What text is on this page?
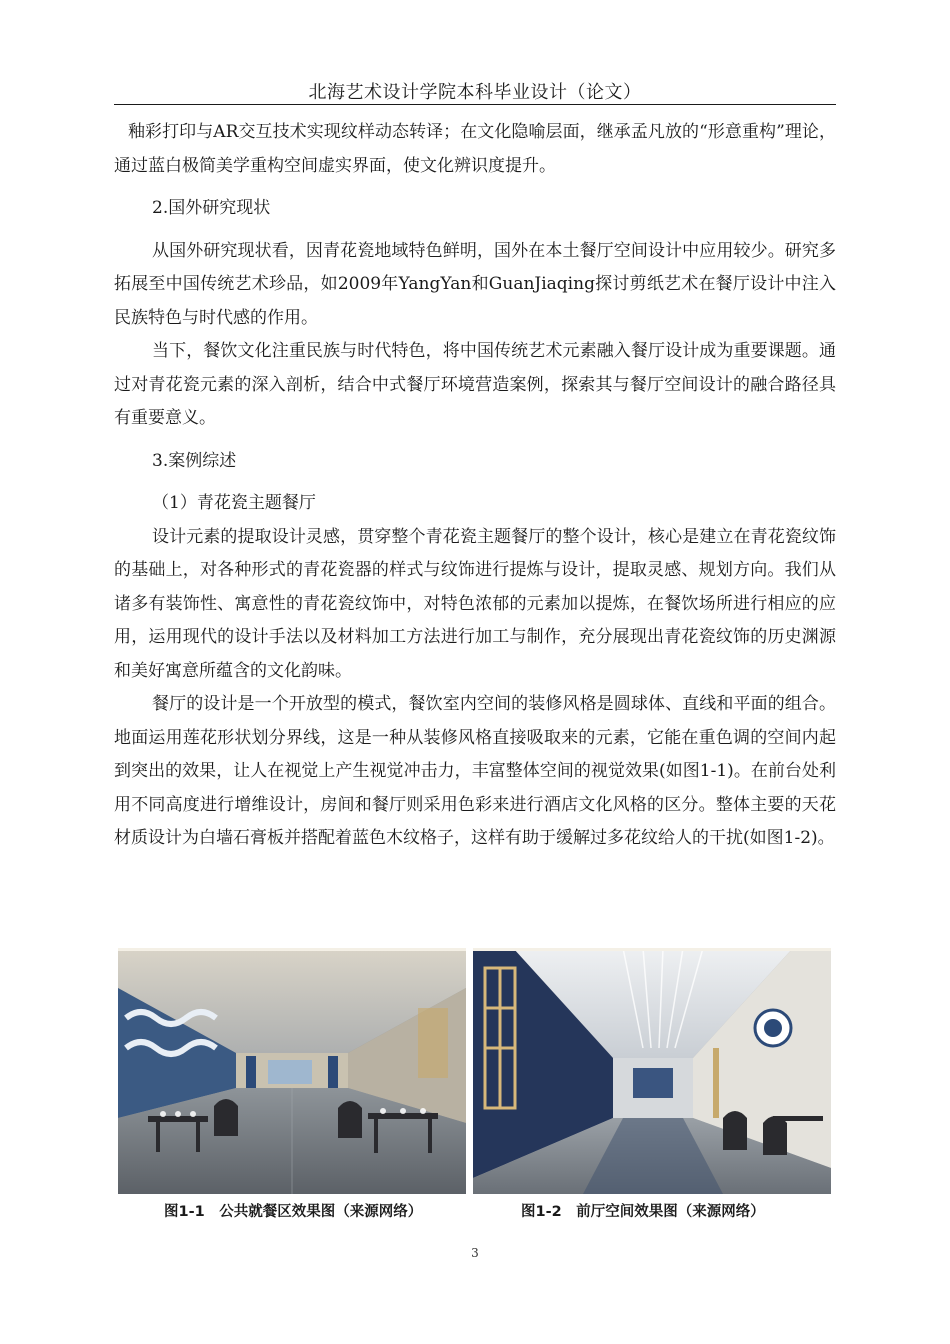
北海艺术设计学院本科毕业设计（论文）

釉彩打印与AR交互技术实现纹样动态转译；在文化隐喻层面，继承孟凡放的“形意重构”理论，通过蓝白极简美学重构空间虚实界面，使文化辨识度提升。

2.国外研究现状

从国外研究现状看，因青花瓷地域特色鲜明，国外在本土餐厅空间设计中应用较少。研究多拓展至中国传统艺术珍品，如2009年YangYan和GuanJiaqing探讨剪纸艺术在餐厅设计中注入民族特色与时代感的作用。

当下，餐饮文化注重民族与时代特色，将中国传统艺术元素融入餐厅设计成为重要课题。通过对青花瓷元素的深入剖析，结合中式餐厅环境营造案例，探索其与餐厅空间设计的融合路径具有重要意义。

3.案例综述

（1）青花瓷主题餐厅

设计元素的提取设计灵感，贯穿整个青花瓷主题餐厅的整个设计，核心是建立在青花瓷纹饰的基础上，对各种形式的青花瓷器的样式与纹饰进行提炼与设计，提取灵感、规划方向。我们从诸多有装饰性、寓意性的青花瓷纹饰中，对特色浓郁的元素加以提炼，在餐饮场所进行相应的应用，运用现代的设计手法以及材料加工方法进行加工与制作，充分展现出青花瓷纹饰的历史渊源和美好寓意所蕴含的文化韵味。

餐厅的设计是一个开放型的模式，餐饮室内空间的装修风格是圆球体、直线和平面的组合。地面运用莲花形状划分界线，这是一种从装修风格直接吸取来的元素，它能在重色调的空间内起到突出的效果，让人在视觉上产生视觉冲击力，丰富整体空间的视觉效果(如图1-1)。在前台处利用不同高度进行增维设计，房间和餐厅则采用色彩来进行酒店文化风格的区分。整体主要的天花材质设计为白墙石膏板并搭配着蓝色木纹格子，这样有助于缓解过多花纹给人的干扰(如图1-2)。

图1-1　公共就餐区效果图（来源网络）	图1-2　前厅空间效果图（来源网络）
3
